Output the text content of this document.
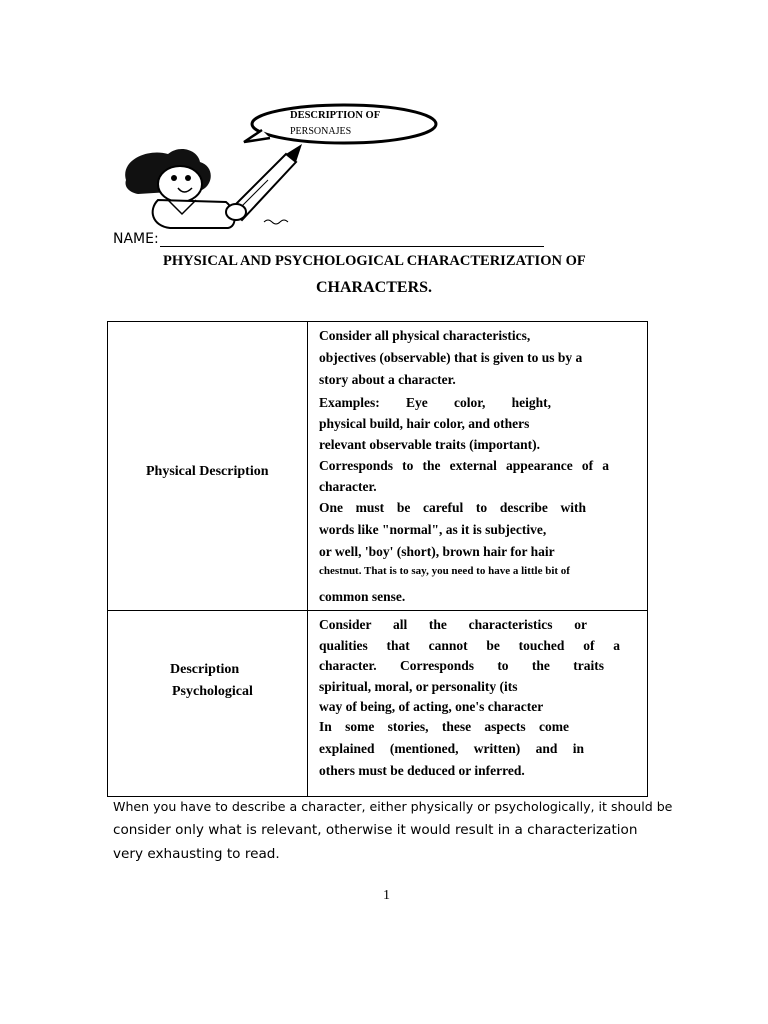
DESCRIPTION OF
PERSONAJES
NAME:
PHYSICAL AND PSYCHOLOGICAL CHARACTERIZATION OF
CHARACTERS.
Physical Description
Consider all physical characteristics,
objectives (observable) that is given to us by a
story about a character.
Examples: Eye color, height,
physical build, hair color, and others
relevant observable traits (important).
Corresponds to the external appearance of a
character.
One must be careful to describe with
words like "normal", as it is subjective,
or well, 'boy' (short), brown hair for hair
chestnut. That is to say, you need to have a little bit of
common sense.
Description
Psychological
Consider all the characteristics or
qualities that cannot be touched of a
character. Corresponds to the traits
spiritual, moral, or personality (its
way of being, of acting, one's character
In some stories, these aspects come
explained (mentioned, written) and in
others must be deduced or inferred.
When you have to describe a character, either physically or psychologically, it should be
consider only what is relevant, otherwise it would result in a characterization
very exhausting to read.
1
